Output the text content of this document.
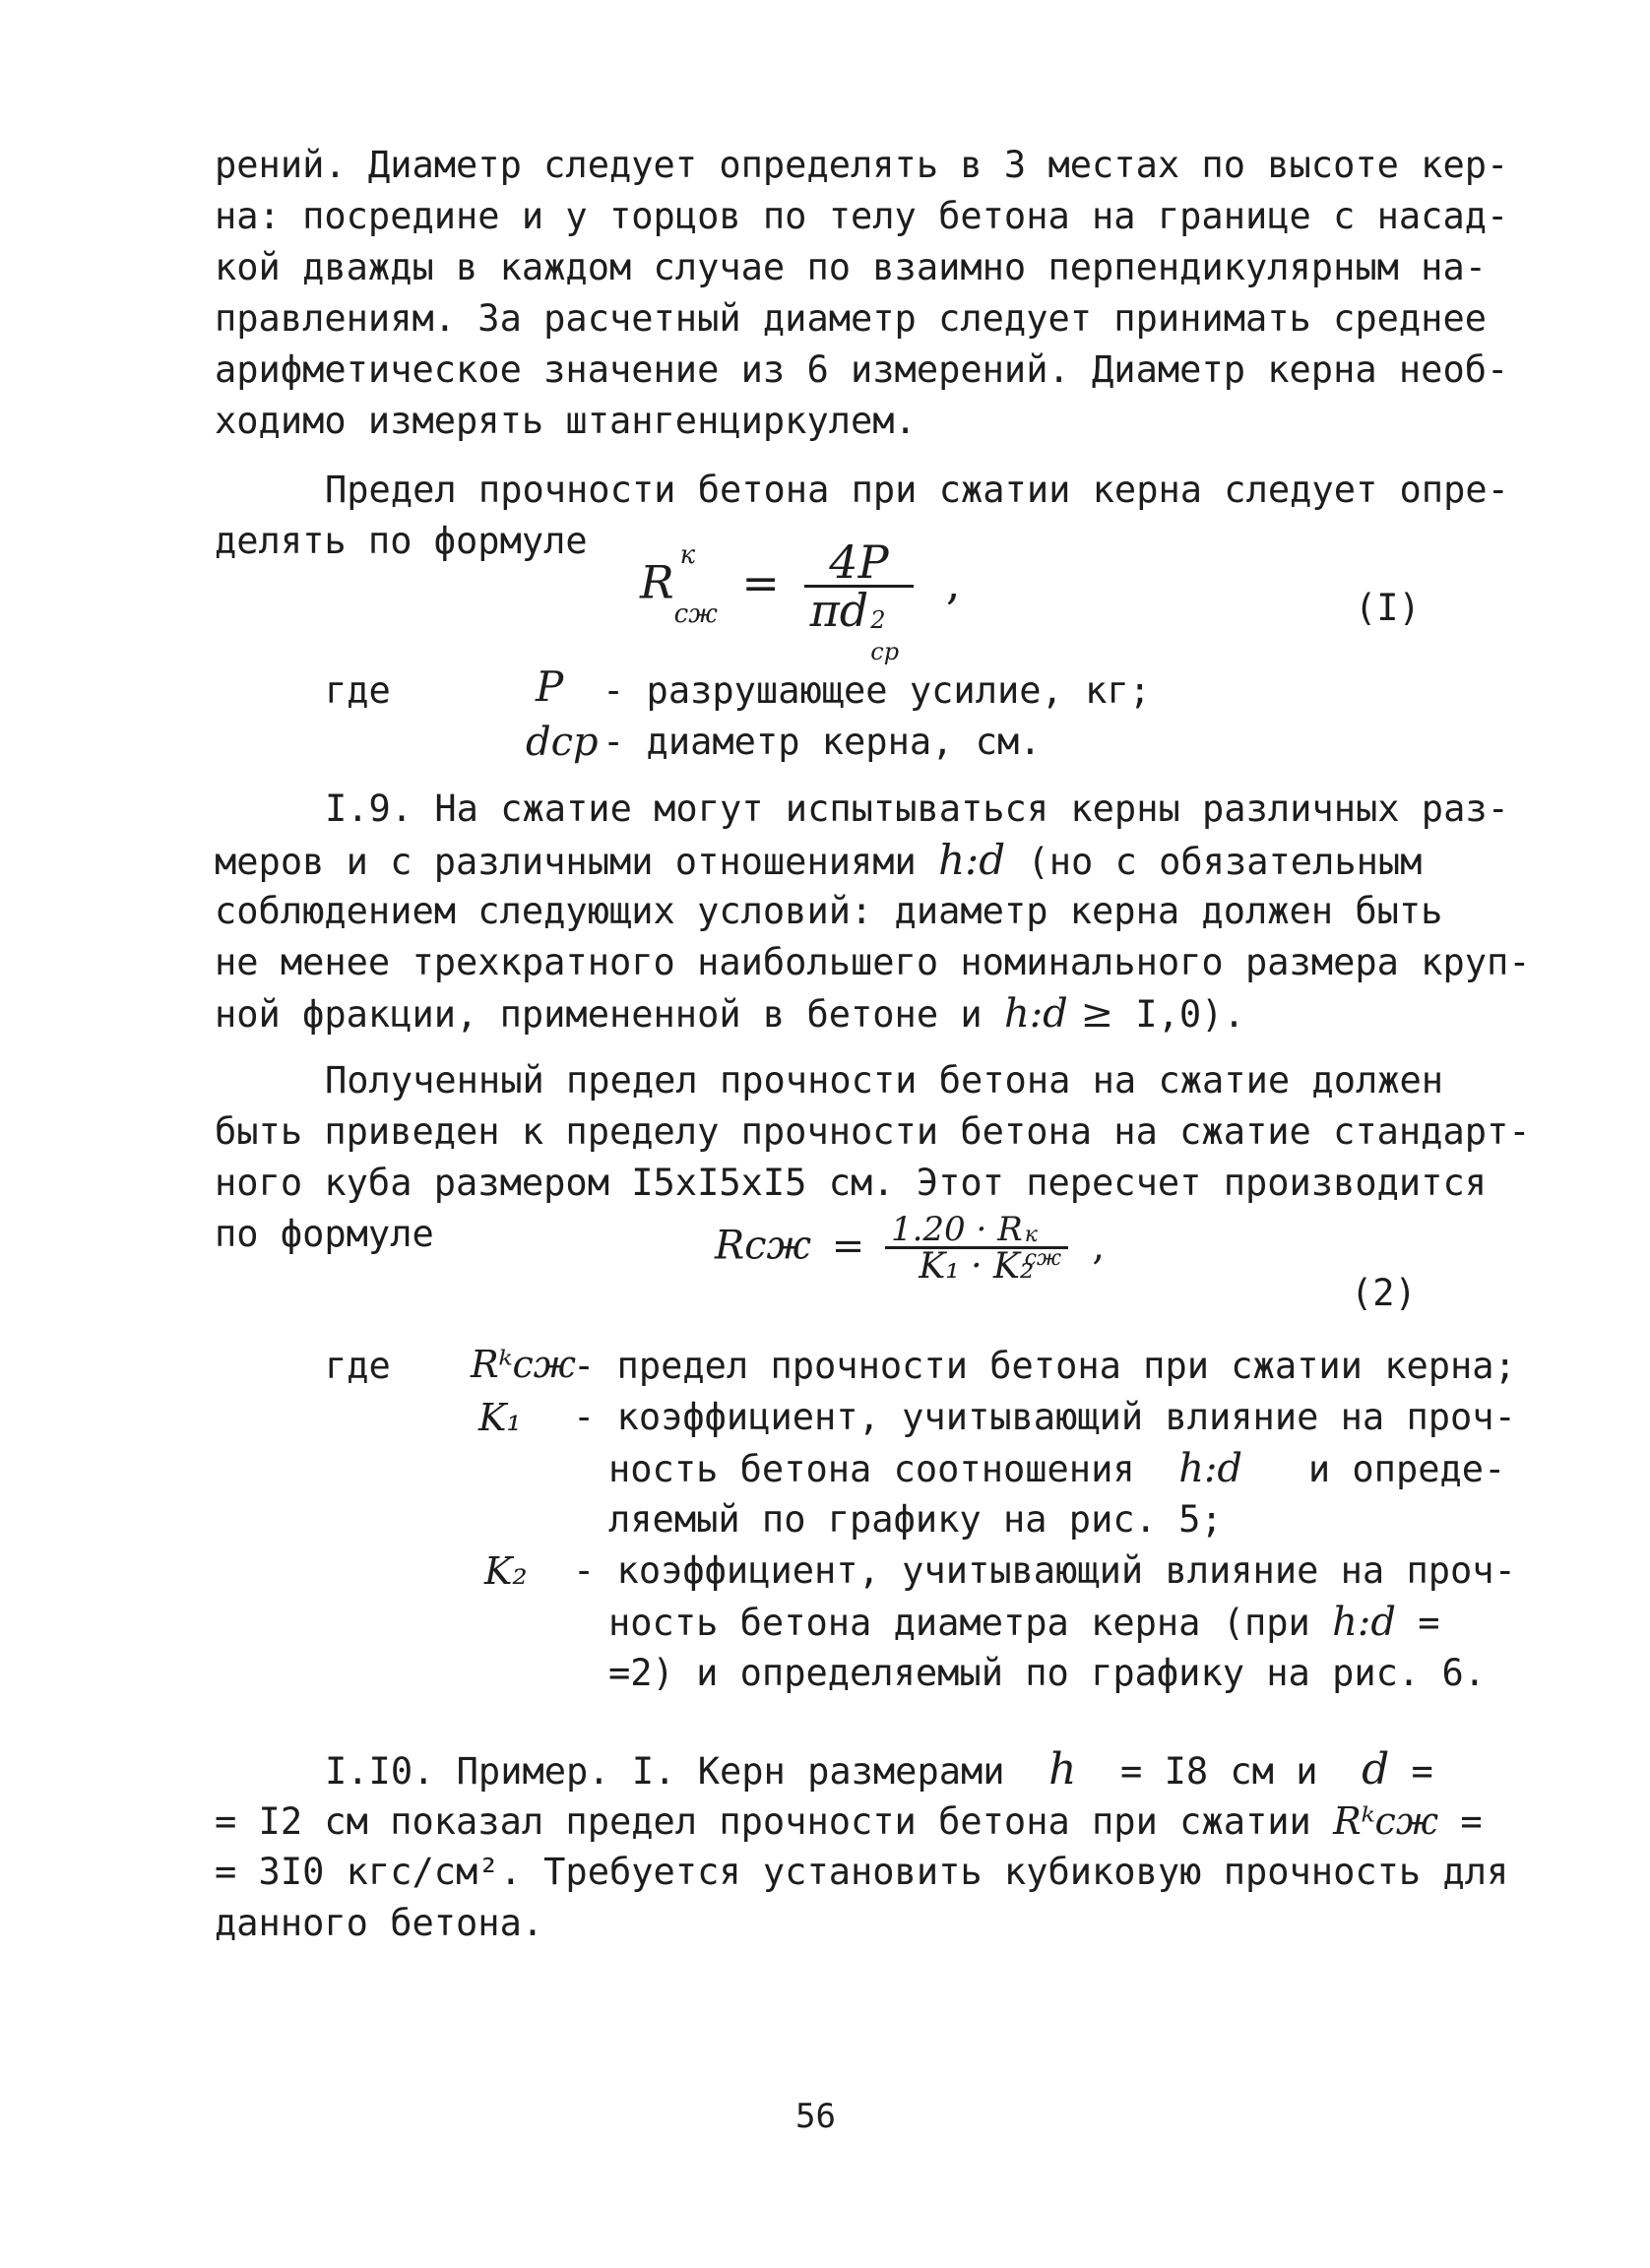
рений. Диаметр следует определять в 3 местах по высоте кер-
на: посредине и у торцов по телу бетона на границе с насад-
кой дважды в каждом случае по взаимно перпендикулярным на-
правлениям. За расчетный диаметр следует принимать среднее
арифметическое значение из 6 измерений. Диаметр керна необ-
ходимо измерять штангенциркулем.
Предел прочности бетона при сжатии керна следует опре-
делять по формуле
R
к
$_{сж}$ = 4P
πd 2
ср ,	(I)
где	P - разрушающее усилие, кг;
dср - диаметр керна, см.
I.9. На сжатие могут испытываться керны различных раз-
меров и с различными отношениями h:d (но с обязательным
соблюдением следующих условий: диаметр керна должен быть
не менее трехкратного наибольшего номинального размера круп-
ной фракции, примененной в бетоне и h:d ≥ I,0).
Полученный предел прочности бетона на сжатие должен
быть приведен к пределу прочности бетона на сжатие стандарт-
ного куба размером I5xI5xI5 см. Этот пересчет производится
по формуле	Rсж = 1.20 · R к
сж
K₁ · K₂ ,
(2)
где Rᵏсж
- предел прочности бетона при сжатии керна;
K₁ - коэффициент, учитывающий влияние на проч-
ность бетона соотношения h:d и опреде-
ляемый по графику на рис. 5;
K₂ - коэффициент, учитывающий влияние на проч-
ность бетона диаметра керна (при h:d =
=2) и определяемый по графику на рис. 6.
I.I0. Пример. I. Керн размерами h = I8 см и d =
= I2 см показал предел прочности бетона при сжатии Rᵏсж =
= 3I0 кгс/см². Требуется установить кубиковую прочность для
данного бетона.
56
